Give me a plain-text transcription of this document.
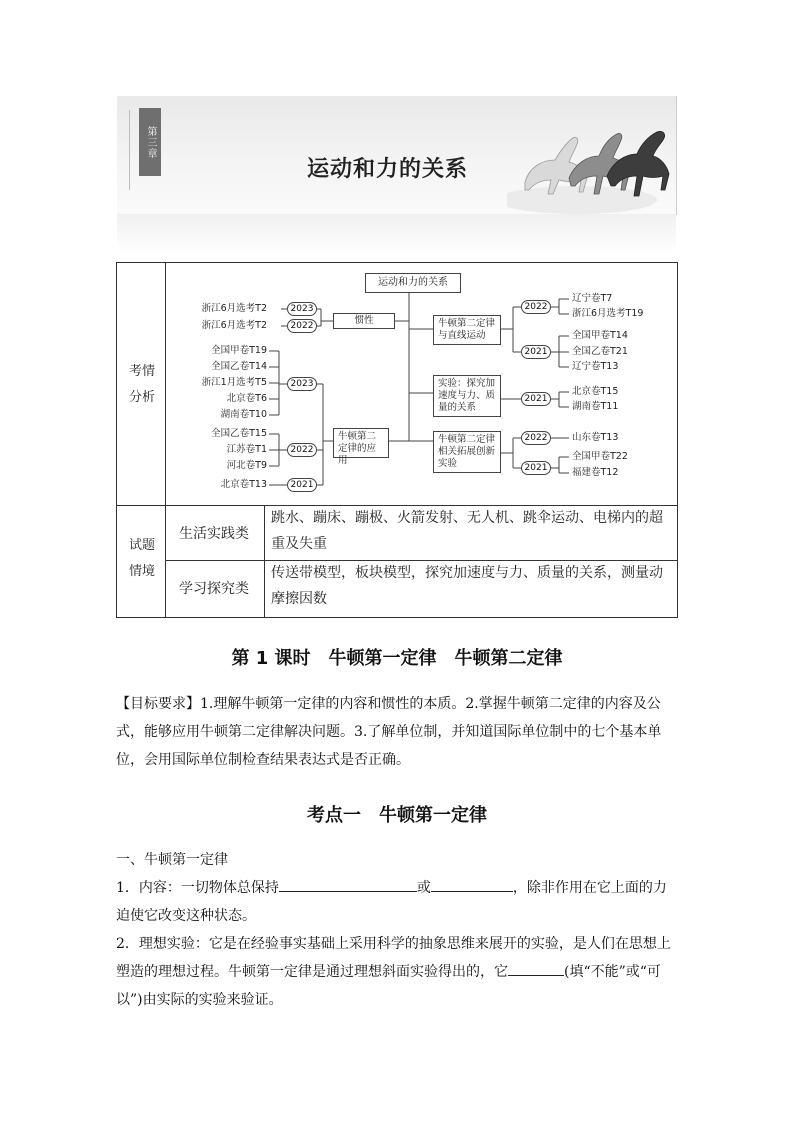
第三章
运动和力的关系
考情
分析
运动和力的关系
惯性
牛顿第二定律的应用
牛顿第二定律与直线运动
实验：探究加速度与力、质量的关系
牛顿第二定律相关拓展创新实验
2023
2022
2023
2022
2021
浙江6月选考T2
浙江6月选考T2
全国甲卷T19
全国乙卷T14
浙江1月选考T5
北京卷T6
湖南卷T10
全国乙卷T15
江苏卷T1
河北卷T9
北京卷T13
2022
2021
2021
2022
2021
辽宁卷T7
浙江6月选考T19
全国甲卷T14
全国乙卷T21
辽宁卷T13
北京卷T15
湖南卷T11
山东卷T13
全国甲卷T22
福建卷T12
试题
情境
生活实践类
跳水、蹦床、蹦极、火箭发射、无人机、跳伞运动、电梯内的超重及失重
学习探究类
传送带模型，板块模型，探究加速度与力、质量的关系，测量动摩擦因数
第 1 课时　牛顿第一定律　牛顿第二定律
【目标要求】1.理解牛顿第一定律的内容和惯性的本质。2.掌握牛顿第二定律的内容及公式，能够应用牛顿第二定律解决问题。3.了解单位制，并知道国际单位制中的七个基本单位，会用国际单位制检查结果表达式是否正确。
考点一　牛顿第一定律
一、牛顿第一定律
1．内容：一切物体总保持	或	，除非作用在它上面的力迫使它改变这种状态。
2．理想实验：它是在经验事实基础上采用科学的抽象思维来展开的实验，是人们在思想上塑造的理想过程。牛顿第一定律是通过理想斜面实验得出的，它	(填“不能”或“可以”)由实际的实验来验证。
